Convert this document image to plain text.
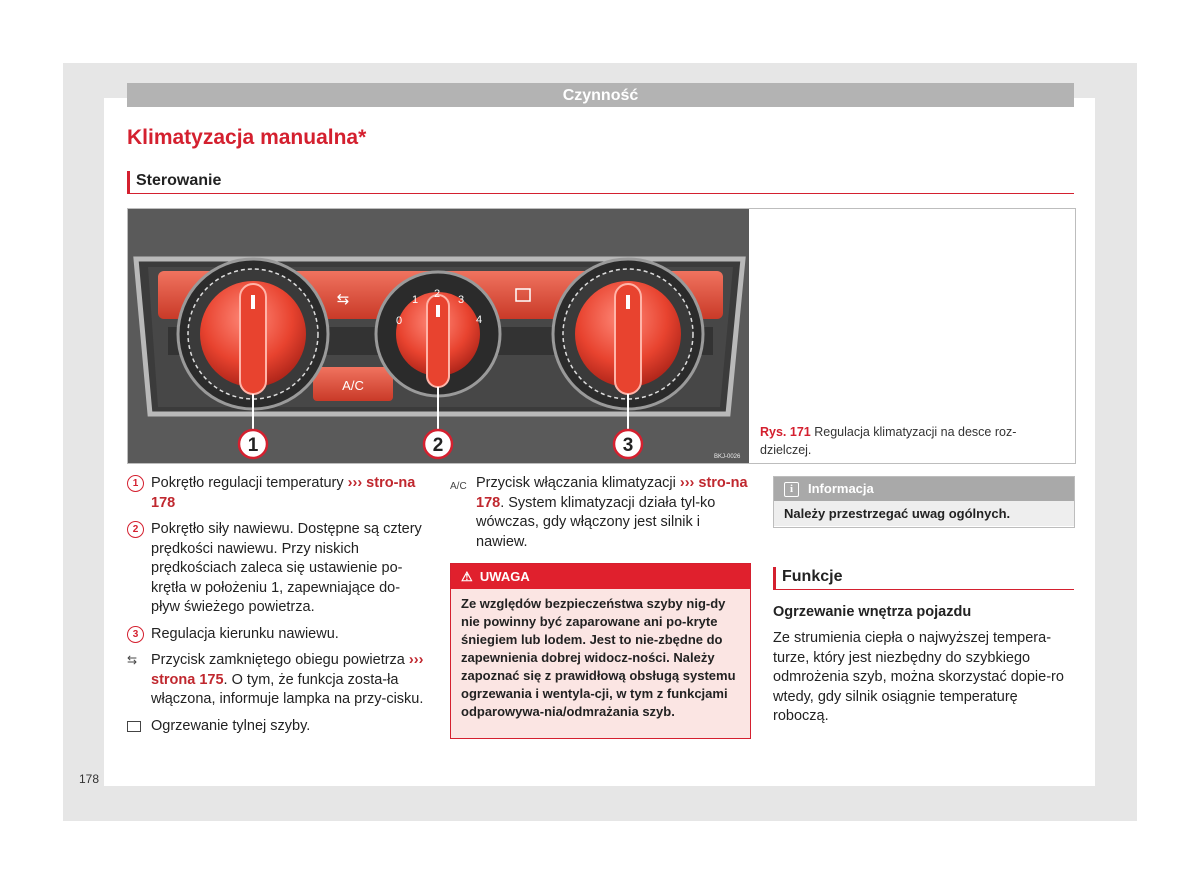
Czynność
Klimatyzacja manualna*
Sterowanie
A/C
⇆
0
1 2 3
4
1	2	3
BKJ-0026
Rys. 171 Regulacja klimatyzacji na desce roz-dzielczej.
1 Pokrętło regulacji temperatury ››› stro-na 178
2 Pokrętło siły nawiewu. Dostępne są cztery prędkości nawiewu. Przy niskich prędkościach zaleca się ustawienie po-krętła w położeniu 1, zapewniające do-pływ świeżego powietrza.
3 Regulacja kierunku nawiewu.
⇆ Przycisk zamkniętego obiegu powietrza ››› strona 175. O tym, że funkcja zosta-ła włączona, informuje lampka na przy-cisku.
Ogrzewanie tylnej szyby.
A/C Przycisk włączania klimatyzacji ››› stro-na 178. System klimatyzacji działa tyl-ko wówczas, gdy włączony jest silnik i nawiew.
⚠ UWAGA
Ze względów bezpieczeństwa szyby nig-dy nie powinny być zaparowane ani po-kryte śniegiem lub lodem. Jest to nie-zbędne do zapewnienia dobrej widocz-ności. Należy zapoznać się z prawidłową obsługą systemu ogrzewania i wentyla-cji, w tym z funkcjami odparowywa-nia/odmrażania szyb.
i	Informacja
Należy przestrzegać uwag ogólnych.
Funkcje
Ogrzewanie wnętrza pojazdu
Ze strumienia ciepła o najwyższej tempera-turze, który jest niezbędny do szybkiego odmrożenia szyb, można skorzystać dopie-ro wtedy, gdy silnik osiągnie temperaturę roboczą.
178
